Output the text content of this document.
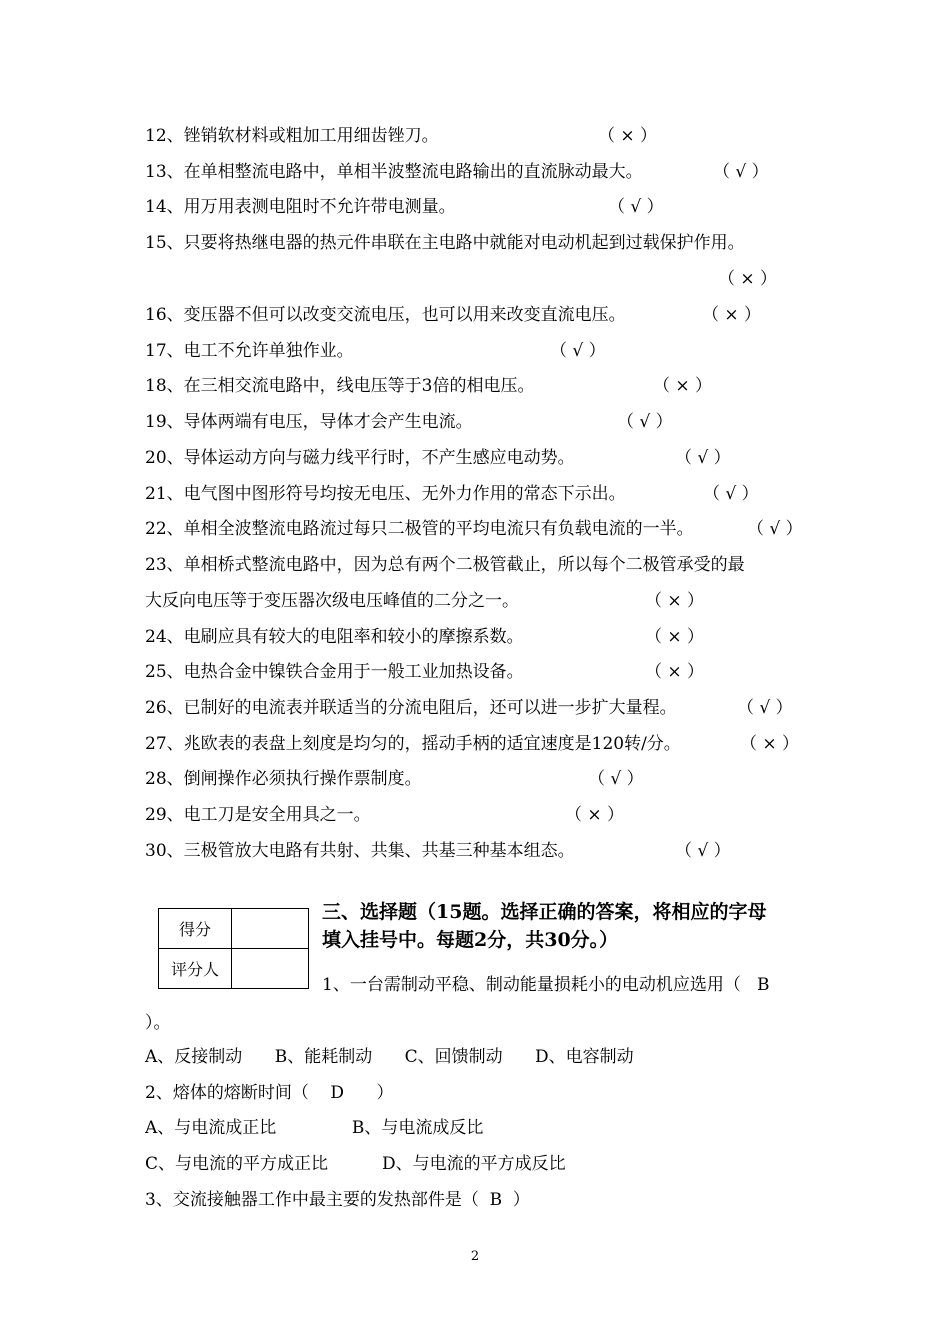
12、锉销软材料或粗加工用细齿锉刀。	（ × ）
13、在单相整流电路中，单相半波整流电路输出的直流脉动最大。	（ √ ）
14、用万用表测电阻时不允许带电测量。	（ √ ）
15、只要将热继电器的热元件串联在主电路中就能对电动机起到过载保护作用。
（ × ）
16、变压器不但可以改变交流电压，也可以用来改变直流电压。	（ × ）
17、电工不允许单独作业。	（ √ ）
18、在三相交流电路中，线电压等于3倍的相电压。	（ × ）
19、导体两端有电压，导体才会产生电流。	（ √ ）
20、导体运动方向与磁力线平行时，不产生感应电动势。	（ √ ）
21、电气图中图形符号均按无电压、无外力作用的常态下示出。	（ √ ）
22、单相全波整流电路流过每只二极管的平均电流只有负载电流的一半。	（ √ ）
23、单相桥式整流电路中，因为总有两个二极管截止，所以每个二极管承受的最
大反向电压等于变压器次级电压峰值的二分之一。	（ × ）
24、电刷应具有较大的电阻率和较小的摩擦系数。	（ × ）
25、电热合金中镍铁合金用于一般工业加热设备。	（ × ）
26、已制好的电流表并联适当的分流电阻后，还可以进一步扩大量程。	（ √ ）
27、兆欧表的表盘上刻度是均匀的，摇动手柄的适宜速度是120转/分。	（ × ）
28、倒闸操作必须执行操作票制度。	（ √ ）
29、电工刀是安全用具之一。	（ × ）
30、三极管放大电路有共射、共集、共基三种基本组态。	（ √ ）
得分	
评分人	
三、选择题（15题。选择正确的答案，将相应的字母
填入挂号中。每题2分，共30分。）
1、一台需制动平稳、制动能量损耗小的电动机应选用（   B
）。
A、反接制动      B、能耗制动      C、回馈制动      D、电容制动
2、熔体的熔断时间（    D      ）
A、与电流成正比              B、与电流成反比
C、与电流的平方成正比          D、与电流的平方成反比
3、交流接触器工作中最主要的发热部件是（  B  ）
2
